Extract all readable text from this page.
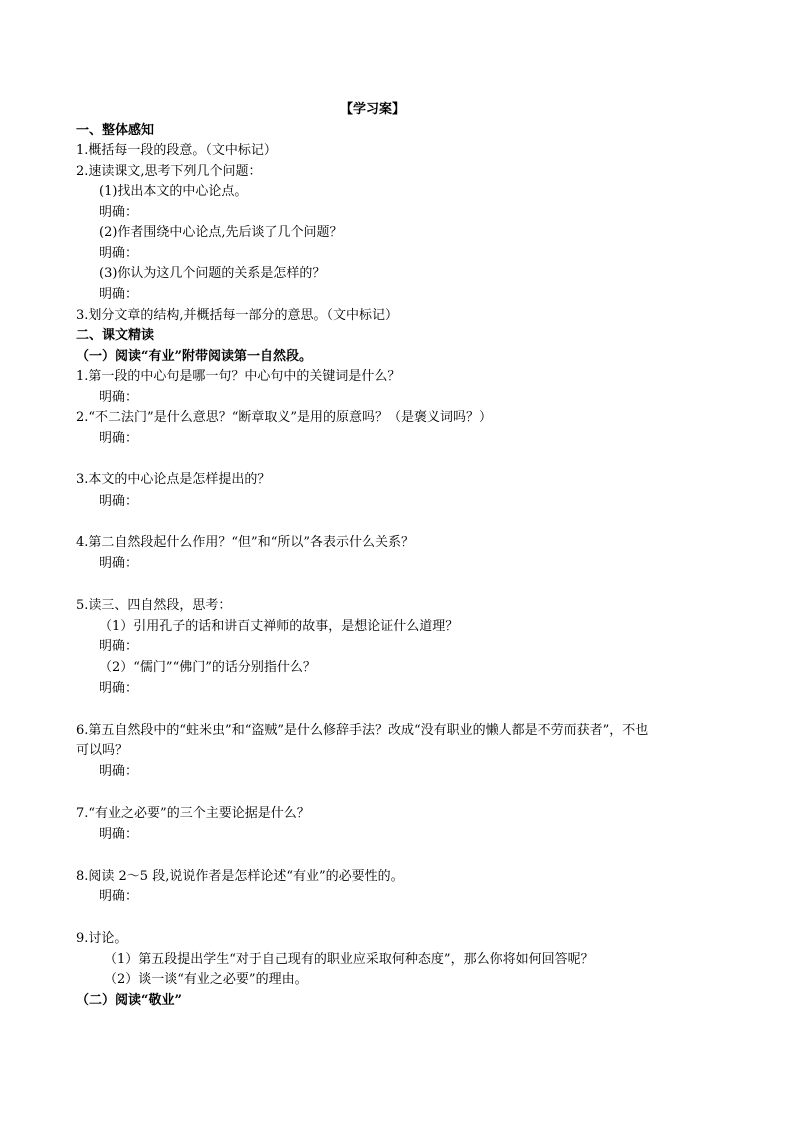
【学习案】
一、整体感知
1.概括每一段的段意。（文中标记）
2.速读课文,思考下列几个问题：
(1)找出本文的中心论点。
明确：
(2)作者围绕中心论点,先后谈了几个问题？
明确：
(3)你认为这几个问题的关系是怎样的？
明确：
3.划分文章的结构,并概括每一部分的意思。（文中标记）
二、课文精读
（一）阅读“有业”附带阅读第一自然段。
1.第一段的中心句是哪一句？中心句中的关键词是什么？
明确：
2.“不二法门”是什么意思？“断章取义”是用的原意吗？（是褒义词吗？）
明确：
3.本文的中心论点是怎样提出的？
明确：
4.第二自然段起什么作用？“但”和“所以”各表示什么关系？
明确：
5.读三、四自然段，思考：
（1）引用孔子的话和讲百丈禅师的故事，是想论证什么道理？
明确：
（2）“儒门”“佛门”的话分别指什么？
明确：
6.第五自然段中的“蛀米虫”和“盗贼”是什么修辞手法？改成“没有职业的懒人都是不劳而获者”，不也
可以吗？
明确：
7.“有业之必要”的三个主要论据是什么？
明确：
8.阅读 2～5 段,说说作者是怎样论述“有业”的必要性的。
明确：
9.讨论。
（1）第五段提出学生“对于自己现有的职业应采取何种态度”，那么你将如何回答呢？
（2）谈一谈“有业之必要”的理由。
（二）阅读“敬业”
